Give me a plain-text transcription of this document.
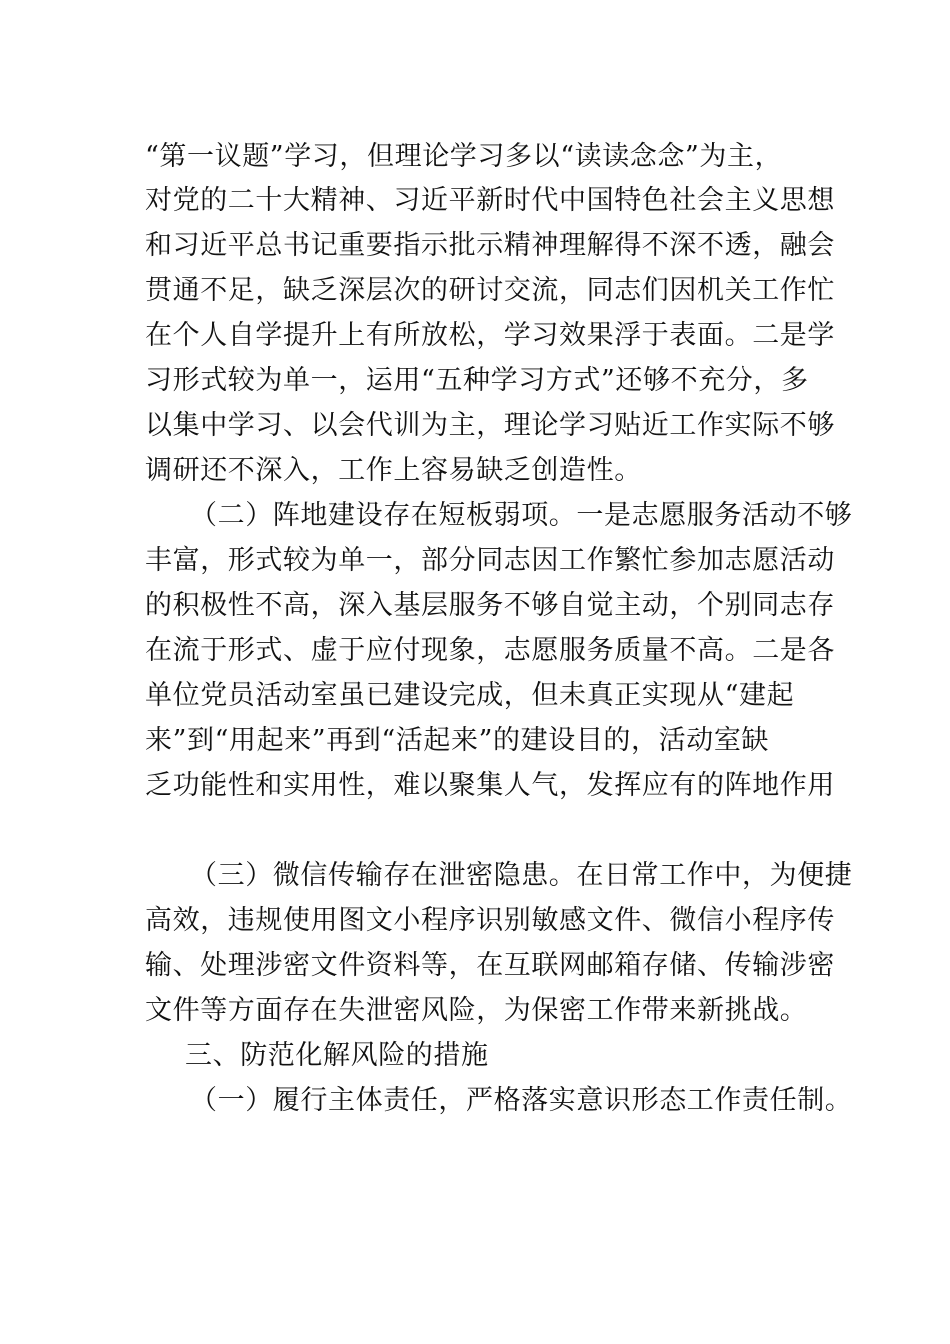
“第一议题”学习，但理论学习多以“读读念念”为主，
对党的二十大精神、习近平新时代中国特色社会主义思想
和习近平总书记重要指示批示精神理解得不深不透，融会
贯通不足，缺乏深层次的研讨交流，同志们因机关工作忙
在个人自学提升上有所放松，学习效果浮于表面。二是学
习形式较为单一，运用“五种学习方式”还够不充分，多
以集中学习、以会代训为主，理论学习贴近工作实际不够
调研还不深入，工作上容易缺乏创造性。
（二）阵地建设存在短板弱项。一是志愿服务活动不够
丰富，形式较为单一，部分同志因工作繁忙参加志愿活动
的积极性不高，深入基层服务不够自觉主动，个别同志存
在流于形式、虚于应付现象，志愿服务质量不高。二是各
单位党员活动室虽已建设完成，但未真正实现从“建起
来”到“用起来”再到“活起来”的建设目的，活动室缺
乏功能性和实用性，难以聚集人气，发挥应有的阵地作用
（三）微信传输存在泄密隐患。在日常工作中，为便捷
高效，违规使用图文小程序识别敏感文件、微信小程序传
输、处理涉密文件资料等，在互联网邮箱存储、传输涉密
文件等方面存在失泄密风险，为保密工作带来新挑战。
三、防范化解风险的措施
（一）履行主体责任，严格落实意识形态工作责任制。
